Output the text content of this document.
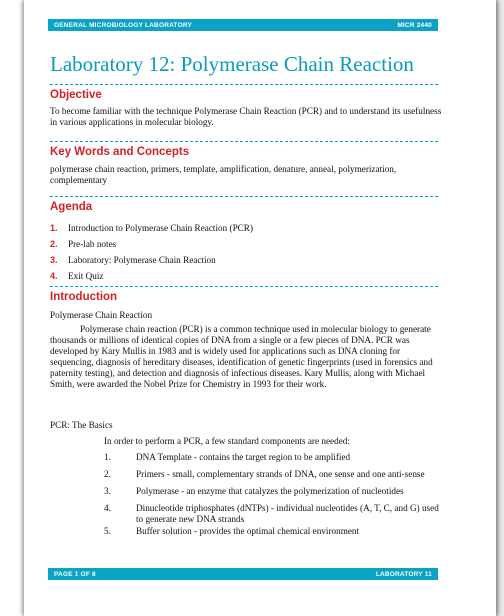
GENERAL MICROBIOLOGY LABORATORY	MICR 2440
Laboratory 12: Polymerase Chain Reaction
Objective

To become familiar with the technique Polymerase Chain Reaction (PCR) and to understand its usefulness in various applications in molecular biology.

Key Words and Concepts

polymerase chain reaction, primers, template, amplification, denature, anneal, polymerization, complementary

Agenda
1.	Introduction to Polymerase Chain Reaction (PCR)
2.	Pre-lab notes
3.	Laboratory: Polymerase Chain Reaction
4.	Exit Quiz
Introduction

Polymerase Chain Reaction

Polymerase chain reaction (PCR) is a common technique used in molecular biology to generate thousands or millions of identical copies of DNA from a single or a few pieces of DNA. PCR was developed by Kary Mullis in 1983 and is widely used for applications such as DNA cloning for sequencing, diagnosis of hereditary diseases, identification of genetic fingerprints (used in forensics and paternity testing), and detection and diagnosis of infectious diseases. Kary Mullis, along with Michael Smith, were awarded the Nobel Prize for Chemistry in 1993 for their work.

PCR: The Basics

In order to perform a PCR, a few standard components are needed:

1.	DNA Template - contains the target region to be amplified
2.	Primers - small, complementary strands of DNA, one sense and one anti-sense
3.	Polymerase - an enzyme that catalyzes the polymerization of nucleotides
4.	Dinucleotide triphosphates (dNTPs) - individual nucleotides (A, T, C, and G) used to generate new DNA strands
5.	Buffer solution - provides the optimal chemical environment
PAGE 1 OF 8	LABORATORY 11
